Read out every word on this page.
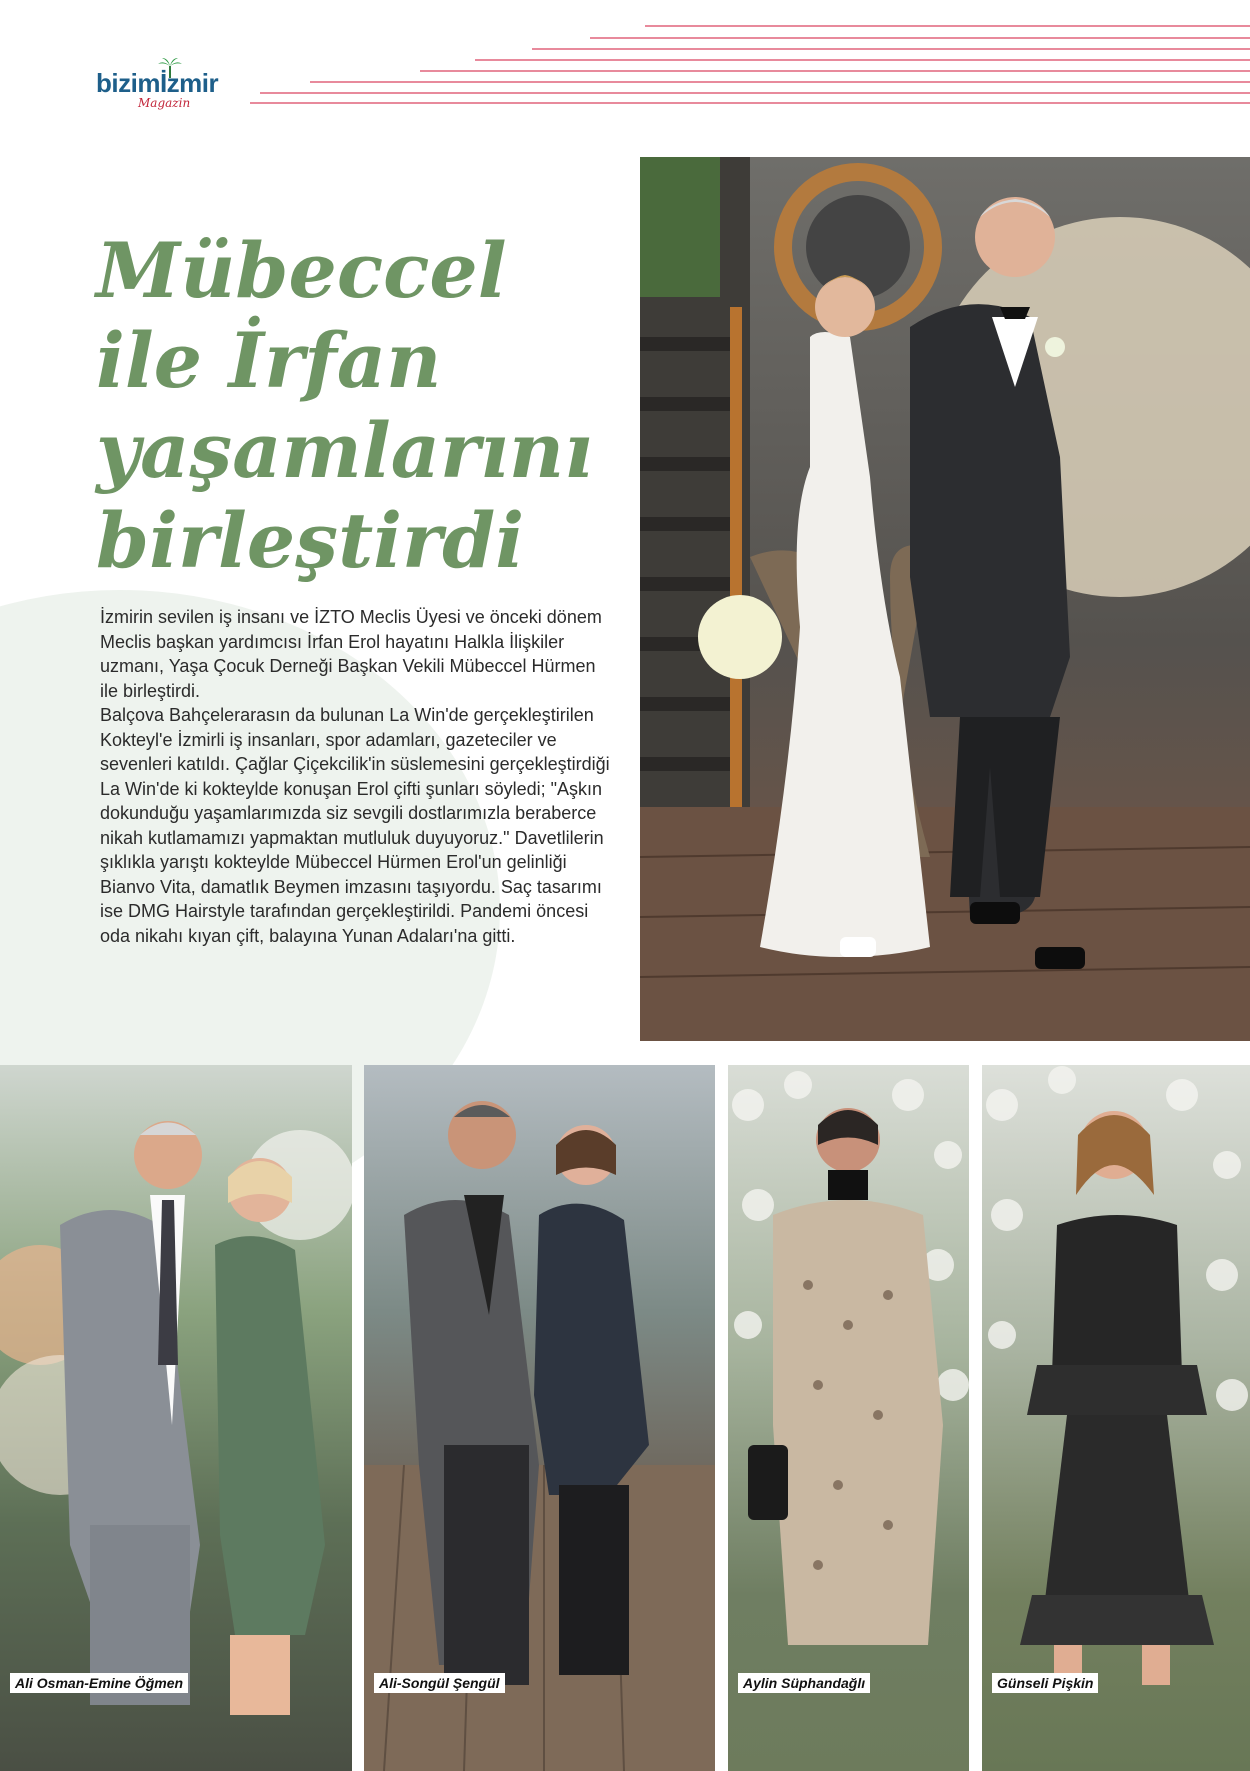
bizimİzmir
Magazin
Mübeccel
ile İrfan
yaşamlarını
birleştirdi

İzmirin sevilen iş insanı ve İZTO Meclis Üyesi ve önceki dönem Meclis başkan yardımcısı İrfan Erol hayatını Halkla İlişkiler uzmanı, Yaşa Çocuk Derneği Başkan Vekili Mübeccel Hürmen ile birleştirdi.

Balçova Bahçelerarasın da bulunan La Win'de gerçekleştirilen Kokteyl'e İzmirli iş insanları, spor adamları, gazeteciler ve sevenleri katıldı. Çağlar Çiçekcilik'in süslemesini gerçekleştirdiği La Win'de ki kokteylde konuşan Erol çifti şunları söyledi; "Aşkın dokunduğu yaşamlarımızda siz sevgili dostlarımızla beraberce nikah kutlamamızı yapmaktan mutluluk duyuyoruz." Davetlilerin şıklıkla yarıştı kokteylde Mübeccel Hürmen Erol'un gelinliği Bianvo Vita, damatlık Beymen imzasını taşıyordu. Saç tasarımı ise DMG Hairstyle tarafından gerçekleştirildi. Pandemi öncesi oda nikahı kıyan çift, balayına Yunan Adaları'na gitti.

Ali Osman-Emine Öğmen	Ali-Songül Şengül	Aylin Süphandağlı	Günseli Pişkin
